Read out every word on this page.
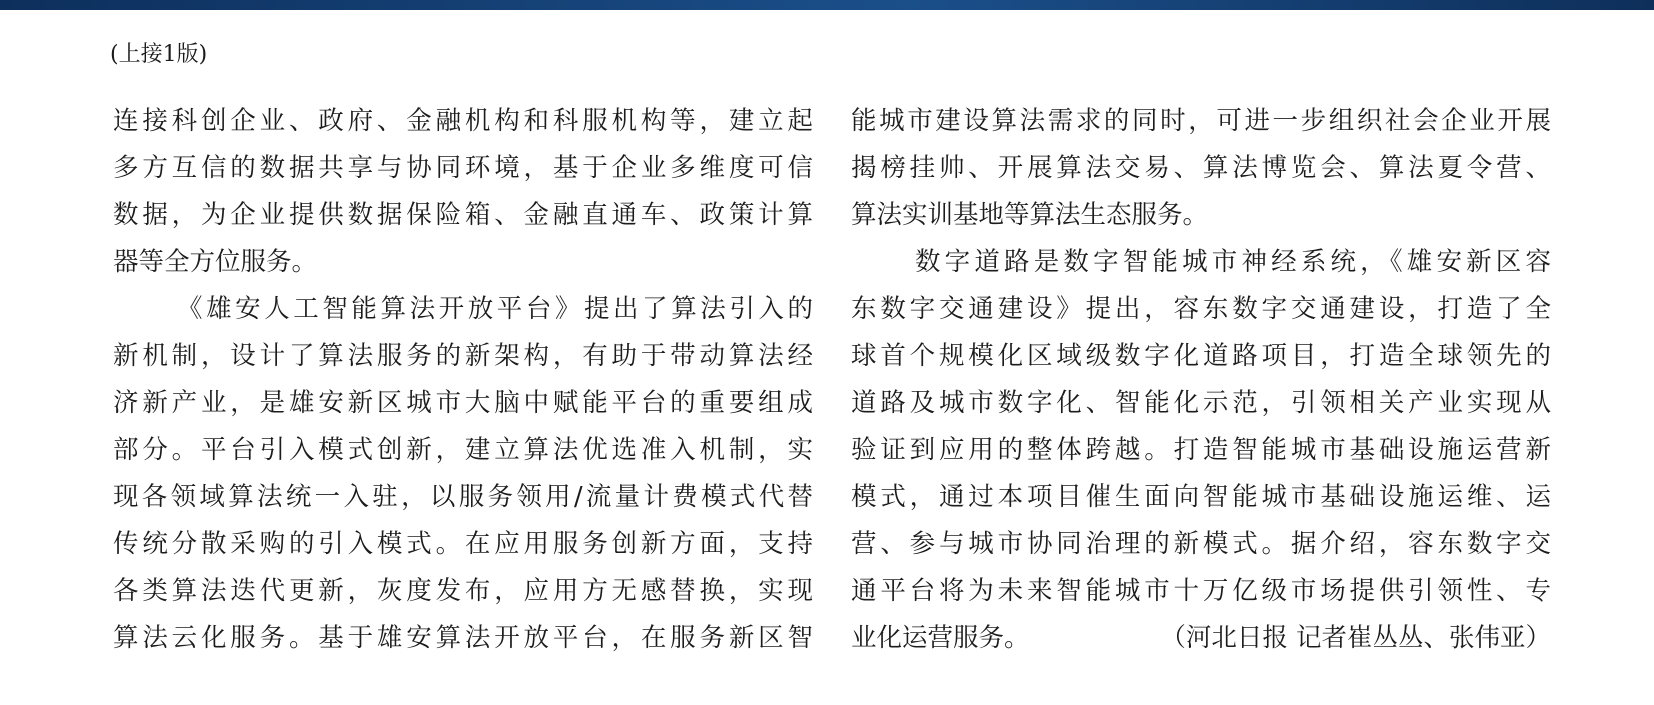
(上接1版)
连接科创企业、政府、金融机构和科服机构等，建立起
多方互信的数据共享与协同环境，基于企业多维度可信
数据，为企业提供数据保险箱、金融直通车、政策计算
器等全方位服务。
《雄安人工智能算法开放平台》提出了算法引入的
新机制，设计了算法服务的新架构，有助于带动算法经
济新产业，是雄安新区城市大脑中赋能平台的重要组成
部分。平台引入模式创新，建立算法优选准入机制，实
现各领域算法统一入驻，以服务领用/流量计费模式代替
传统分散采购的引入模式。在应用服务创新方面，支持
各类算法迭代更新，灰度发布，应用方无感替换，实现
算法云化服务。基于雄安算法开放平台，在服务新区智
能城市建设算法需求的同时，可进一步组织社会企业开展
揭榜挂帅、开展算法交易、算法博览会、算法夏令营、
算法实训基地等算法生态服务。
数字道路是数字智能城市神经系统，《雄安新区容
东数字交通建设》提出，容东数字交通建设，打造了全
球首个规模化区域级数字化道路项目，打造全球领先的
道路及城市数字化、智能化示范，引领相关产业实现从
验证到应用的整体跨越。打造智能城市基础设施运营新
模式，通过本项目催生面向智能城市基础设施运维、运
营、参与城市协同治理的新模式。据介绍，容东数字交
通平台将为未来智能城市十万亿级市场提供引领性、专
业化运营服务。	（河北日报 记者崔丛丛、张伟亚）
